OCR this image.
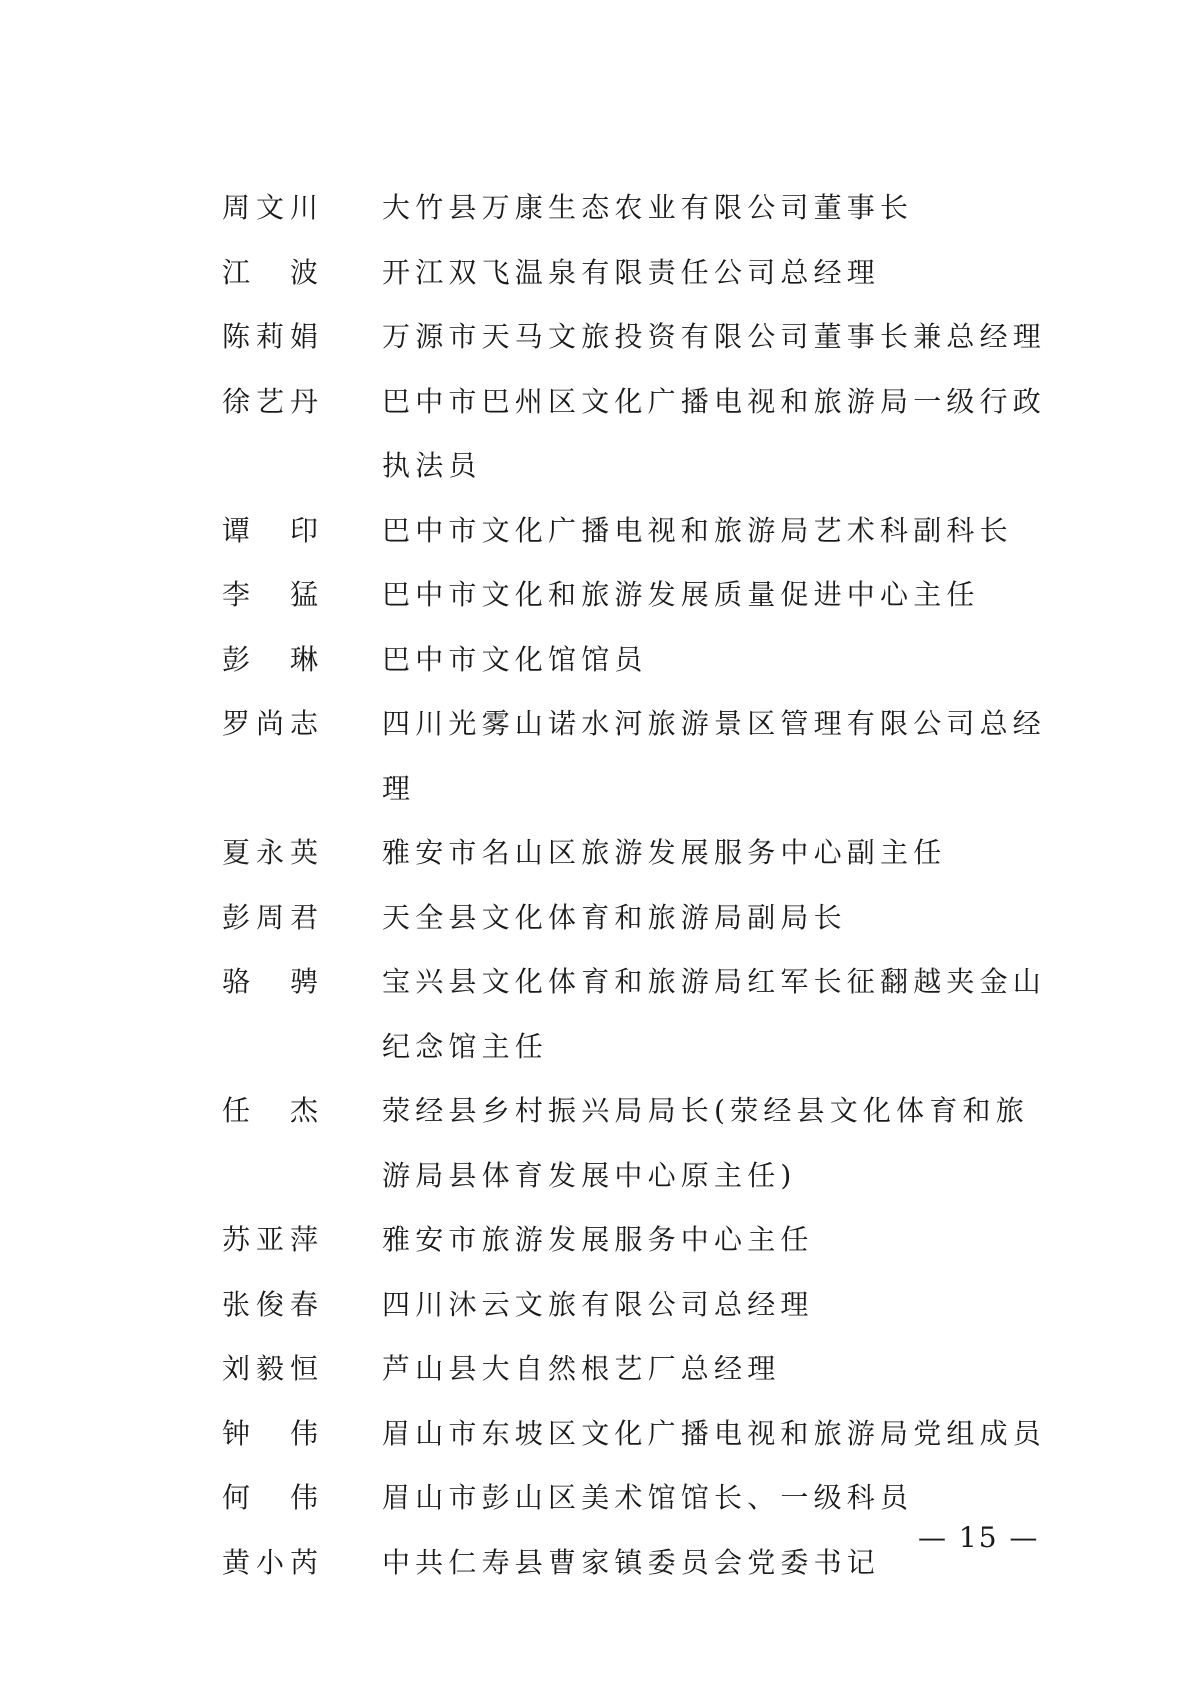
周文川	大竹县万康生态农业有限公司董事长
江　波	开江双飞温泉有限责任公司总经理
陈莉娟	万源市天马文旅投资有限公司董事长兼总经理
徐艺丹	巴中市巴州区文化广播电视和旅游局一级行政执法员
谭　印	巴中市文化广播电视和旅游局艺术科副科长
李　猛	巴中市文化和旅游发展质量促进中心主任
彭　琳	巴中市文化馆馆员
罗尚志	四川光雾山诺水河旅游景区管理有限公司总经理
夏永英	雅安市名山区旅游发展服务中心副主任
彭周君	天全县文化体育和旅游局副局长
骆　骋	宝兴县文化体育和旅游局红军长征翻越夹金山纪念馆主任
任　杰	荥经县乡村振兴局局长(荥经县文化体育和旅游局县体育发展中心原主任)
苏亚萍	雅安市旅游发展服务中心主任
张俊春	四川沐云文旅有限公司总经理
刘毅恒	芦山县大自然根艺厂总经理
钟　伟	眉山市东坡区文化广播电视和旅游局党组成员
何　伟	眉山市彭山区美术馆馆长、一级科员
黄小芮	中共仁寿县曹家镇委员会党委书记
— 15 —
